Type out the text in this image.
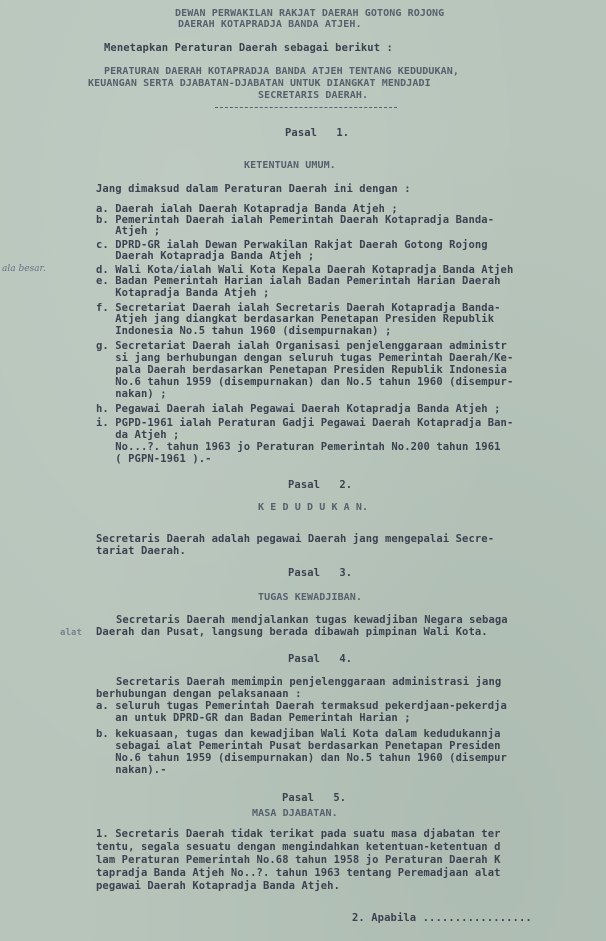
DEWAN PERWAKILAN RAKJAT DAERAH GOTONG ROJONG
DAERAH KOTAPRADJA BANDA ATJEH.
Menetapkan Peraturan Daerah sebagai berikut :
PERATURAN DAERAH KOTAPRADJA BANDA ATJEH TENTANG KEDUDUKAN,
KEUANGAN SERTA DJABATAN-DJABATAN UNTUK DIANGKAT MENDJADI
SECRETARIS DAERAH.
Pasal   1.
KETENTUAN UMUM.
Jang dimaksud dalam Peraturan Daerah ini dengan :
a. Daerah ialah Daerah Kotapradja Banda Atjeh ;
b. Pemerintah Daerah ialah Pemerintah Daerah Kotapradja Banda-
Atjeh ;
c. DPRD-GR ialah Dewan Perwakilan Rakjat Daerah Gotong Rojong
Daerah Kotapradja Banda Atjeh ;
d. Wali Kota/ialah Wali Kota Kepala Daerah Kotapradja Banda Atjeh
e. Badan Pemerintah Harian ialah Badan Pemerintah Harian Daerah
Kotapradja Banda Atjeh ;
f. Secretariat Daerah ialah Secretaris Daerah Kotapradja Banda-
Atjeh jang diangkat berdasarkan Penetapan Presiden Republik
Indonesia No.5 tahun 1960 (disempurnakan) ;
g. Secretariat Daerah ialah Organisasi penjelenggaraan administr
si jang berhubungan dengan seluruh tugas Pemerintah Daerah/Ke-
pala Daerah berdasarkan Penetapan Presiden Republik Indonesia
No.6 tahun 1959 (disempurnakan) dan No.5 tahun 1960 (disempur-
nakan) ;
h. Pegawai Daerah ialah Pegawai Daerah Kotapradja Banda Atjeh ;
i. PGPD-1961 ialah Peraturan Gadji Pegawai Daerah Kotapradja Ban-
da Atjeh ;
No...?. tahun 1963 jo Peraturan Pemerintah No.200 tahun 1961
( PGPN-1961 ).-
ala besar.
Pasal   2.
K E D U D U K A N.
Secretaris Daerah adalah pegawai Daerah jang mengepalai Secre-
tariat Daerah.
Pasal   3.
TUGAS KEWADJIBAN.
Secretaris Daerah mendjalankan tugas kewadjiban Negara sebaga
Daerah dan Pusat, langsung berada dibawah pimpinan Wali Kota.
alat
Pasal   4.
Secretaris Daerah memimpin penjelenggaraan administrasi jang
berhubungan dengan pelaksanaan :
a. seluruh tugas Pemerintah Daerah termaksud pekerdjaan-pekerdja
an untuk DPRD-GR dan Badan Pemerintah Harian ;
b. kekuasaan, tugas dan kewadjiban Wali Kota dalam kedudukannja
sebagai alat Pemerintah Pusat berdasarkan Penetapan Presiden
No.6 tahun 1959 (disempurnakan) dan No.5 tahun 1960 (disempur
nakan).-
Pasal   5.
MASA DJABATAN.
1. Secretaris Daerah tidak terikat pada suatu masa djabatan ter
tentu, segala sesuatu dengan mengindahkan ketentuan-ketentuan d
lam Peraturan Pemerintah No.68 tahun 1958 jo Peraturan Daerah K
tapradja Banda Atjeh No..?. tahun 1963 tentang Peremadjaan alat
pegawai Daerah Kotapradja Banda Atjeh.
2. Apabila .................
